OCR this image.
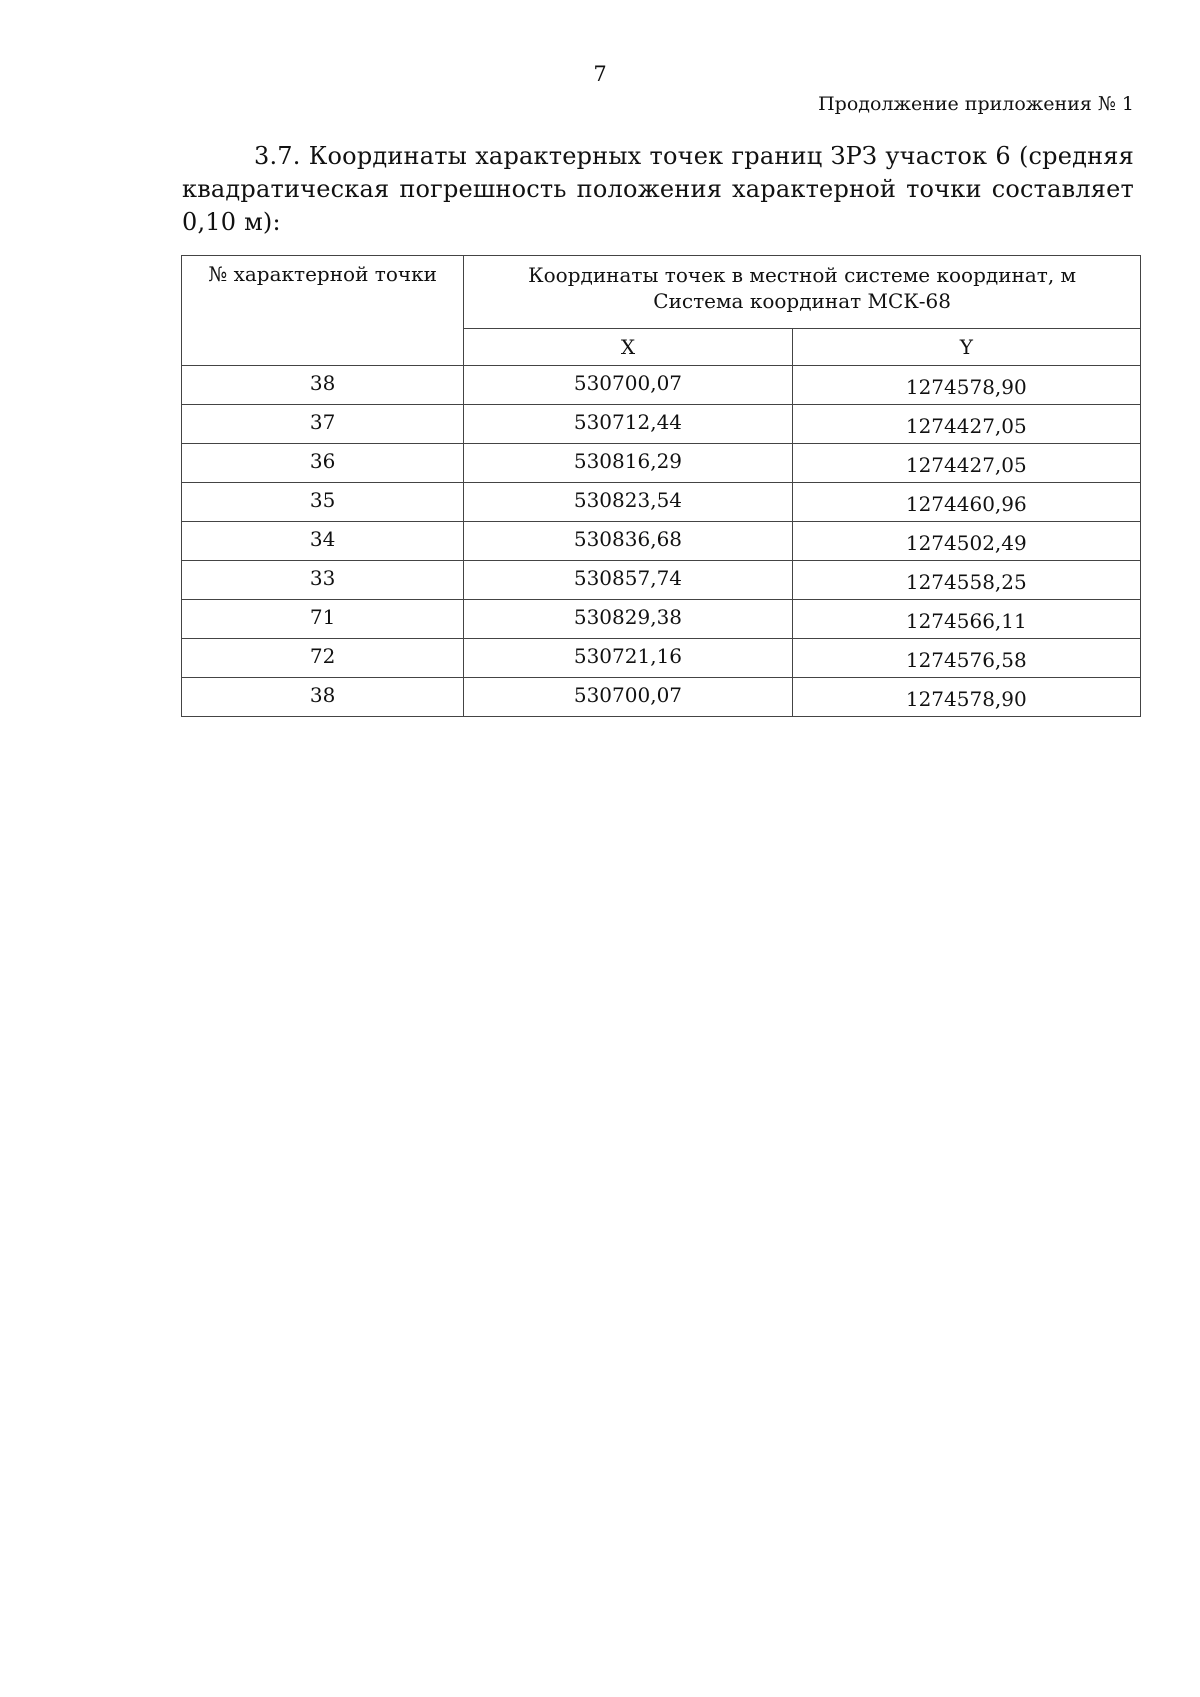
7
Продолжение приложения № 1

3.7. Координаты характерных точек границ ЗРЗ участок 6 (средняя квадратическая погрешность положения характерной точки составляет 0,10 м):

№ характерной точки	Координаты точек в местной системе координат, м
Система координат МСК-68	

	X	Y
38	530700,07	1274578,90
37	530712,44	1274427,05
36	530816,29	1274427,05
35	530823,54	1274460,96
34	530836,68	1274502,49
33	530857,74	1274558,25
71	530829,38	1274566,11
72	530721,16	1274576,58
38	530700,07	1274578,90
